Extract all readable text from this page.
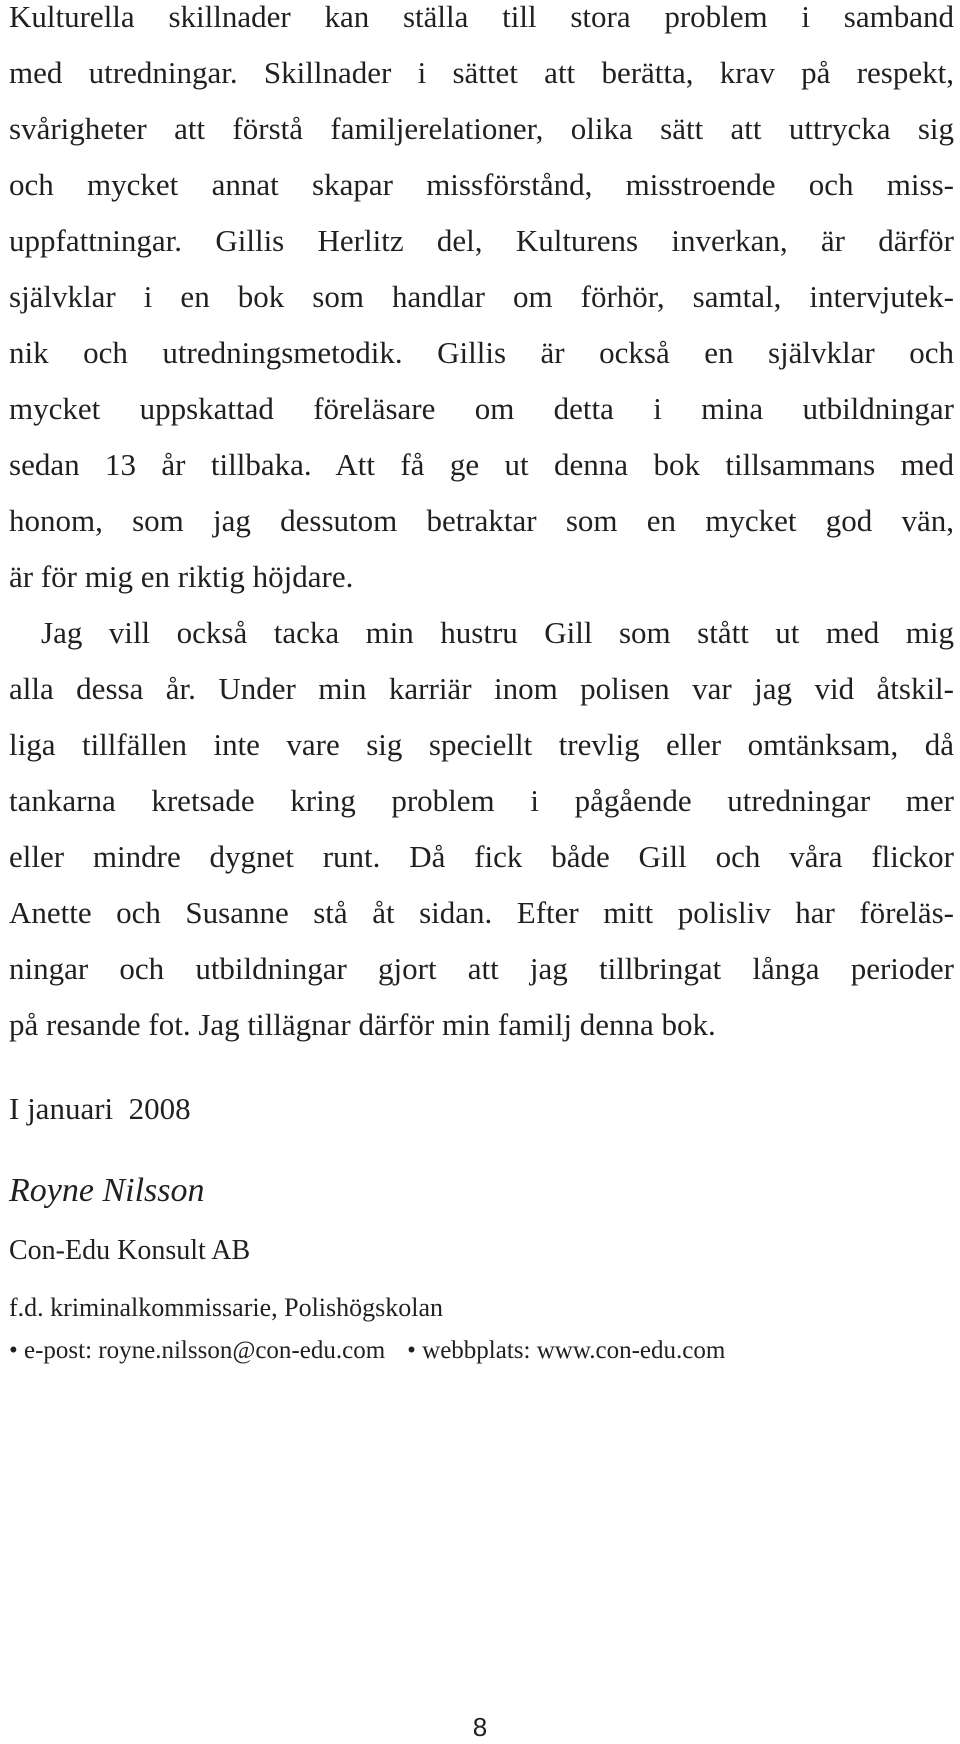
Kulturella skillnader kan ställa till stora problem i samband
med utredningar. Skillnader i sättet att berätta, krav på respekt,
svårigheter att förstå familjerelationer, olika sätt att uttrycka sig
och mycket annat skapar missförstånd, misstroende och miss-
uppfattningar. Gillis Herlitz del, Kulturens inverkan, är därför
självklar i en bok som handlar om förhör, samtal, intervjutek-
nik och utredningsmetodik. Gillis är också en självklar och
mycket uppskattad föreläsare om detta i mina utbildningar
sedan 13 år tillbaka. Att få ge ut denna bok tillsammans med
honom, som jag dessutom betraktar som en mycket god vän,
är för mig en riktig höjdare.
Jag vill också tacka min hustru Gill som stått ut med mig
alla dessa år. Under min karriär inom polisen var jag vid åtskil-
liga tillfällen inte vare sig speciellt trevlig eller omtänksam, då
tankarna kretsade kring problem i pågående utredningar mer
eller mindre dygnet runt. Då fick både Gill och våra flickor
Anette och Susanne stå åt sidan. Efter mitt polisliv har föreläs-
ningar och utbildningar gjort att jag tillbringat långa perioder
på resande fot. Jag tillägnar därför min familj denna bok.
I januari  2008
Royne Nilsson
Con-Edu Konsult AB
f.d. kriminalkommissarie, Polishögskolan
• e-post: royne.nilsson@con-edu.com • webbplats: www.con-edu.com
8
